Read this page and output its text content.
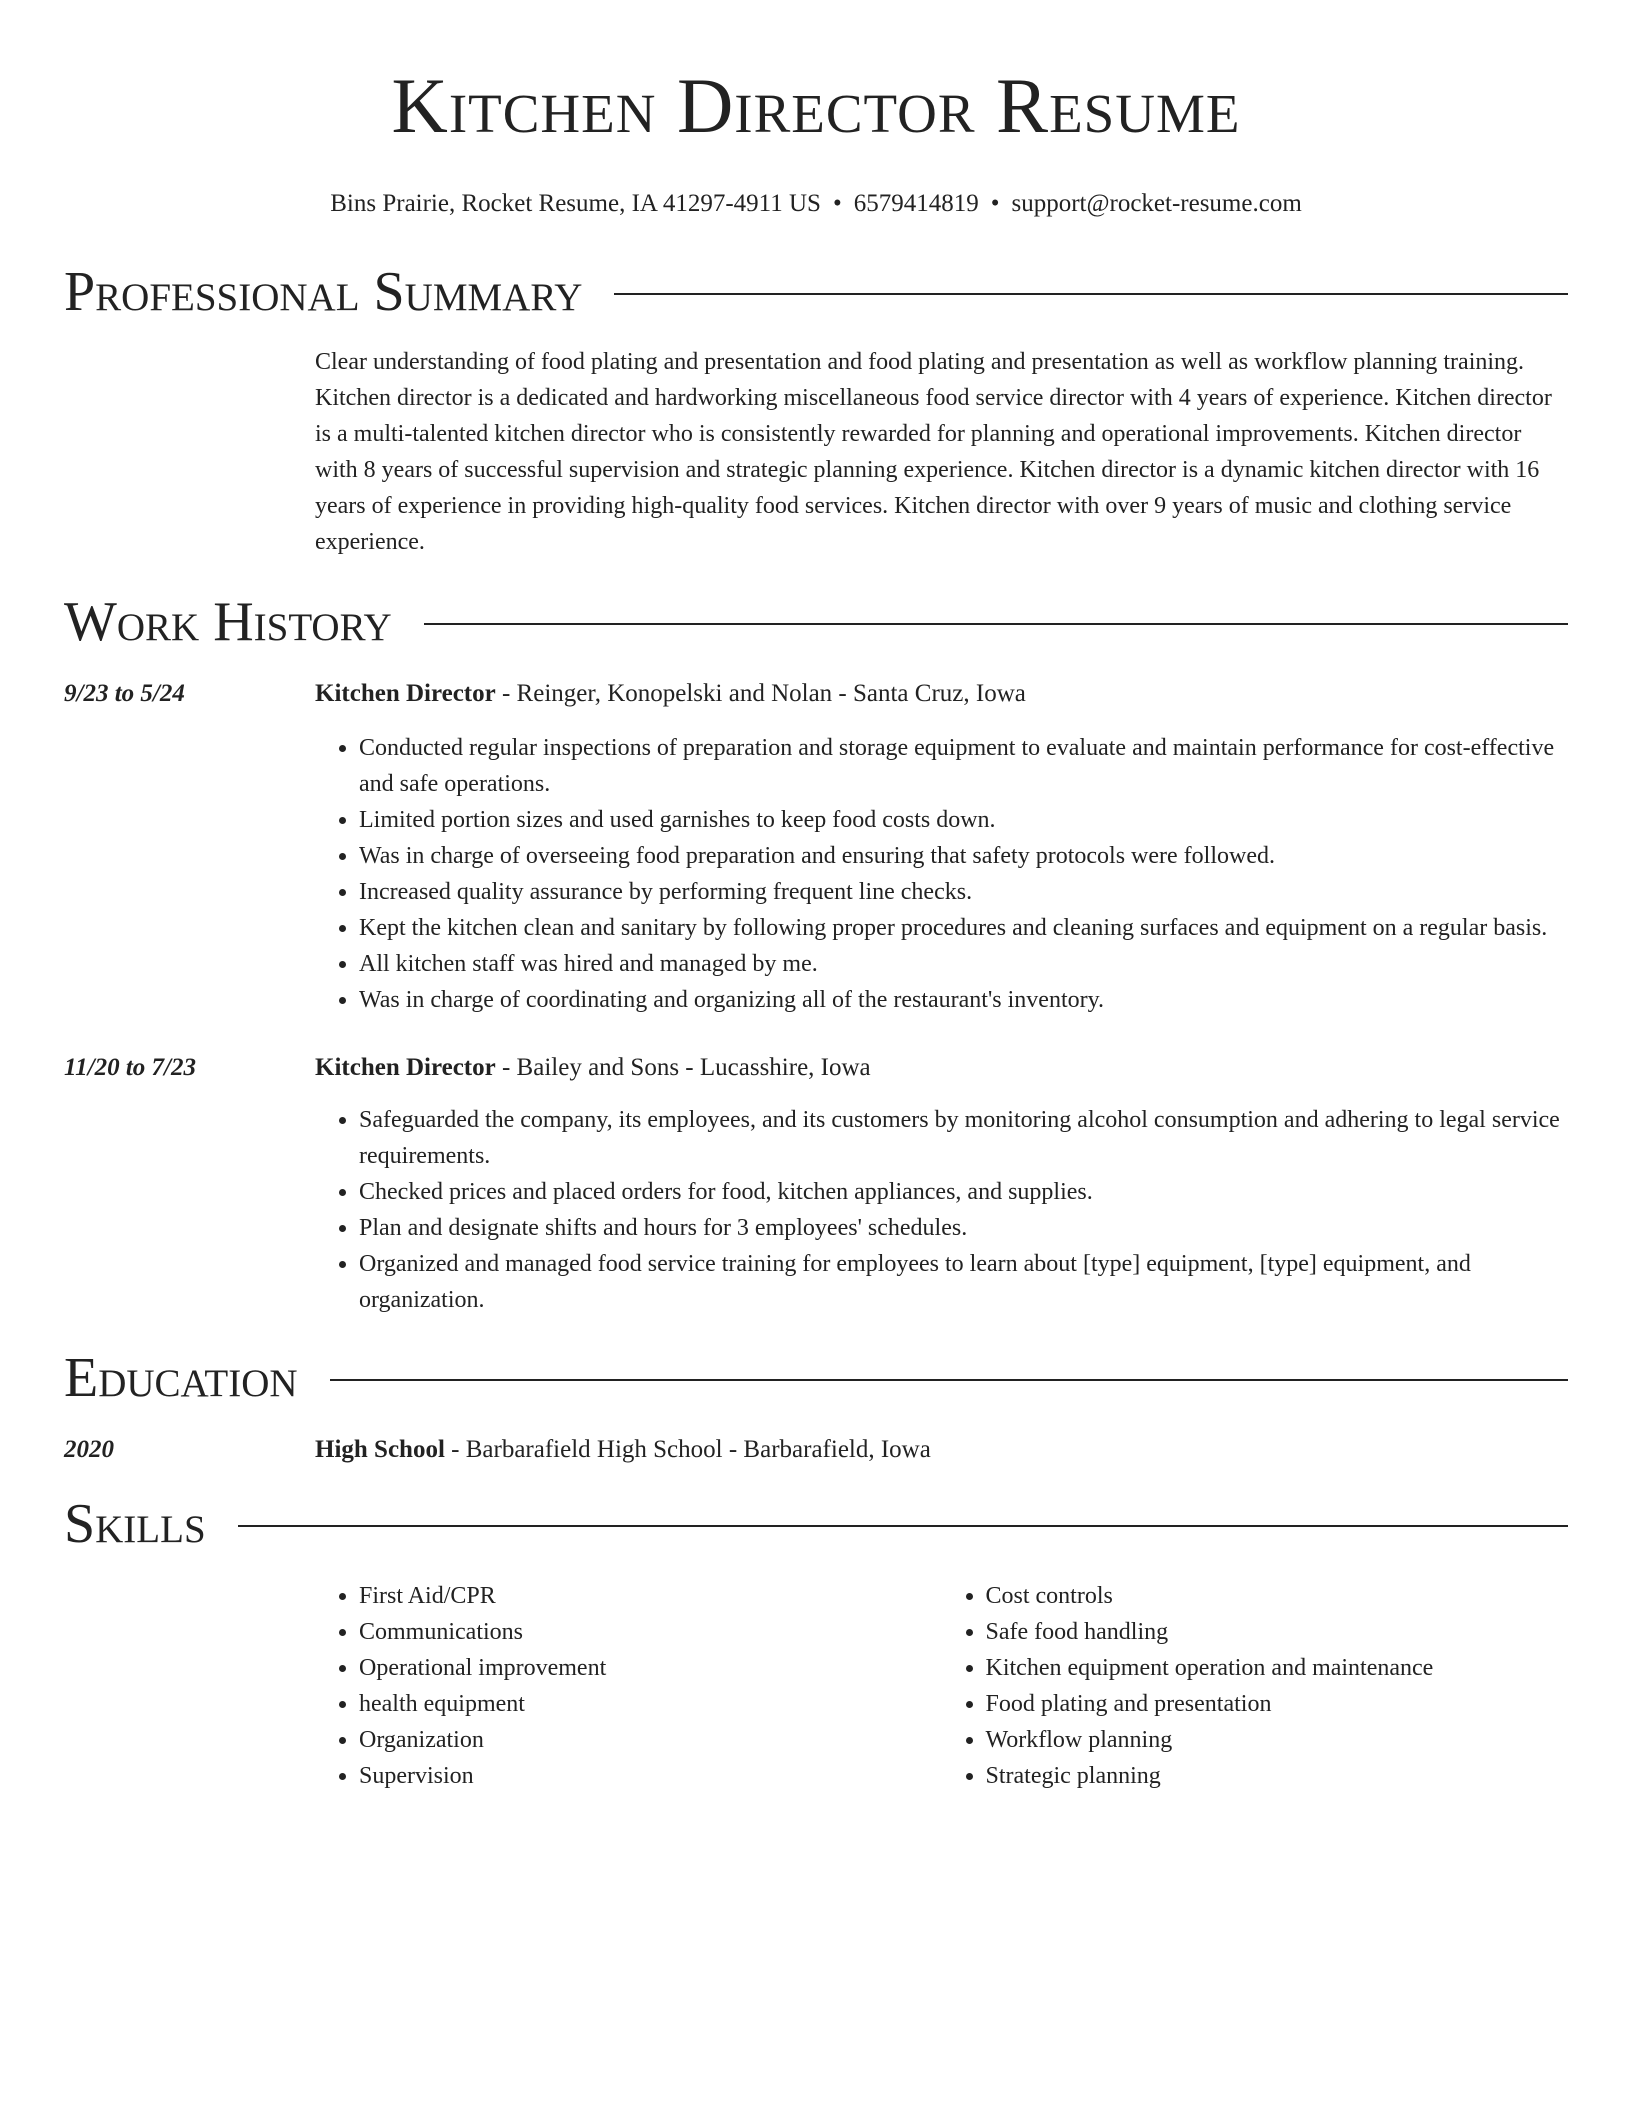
Kitchen Director Resume
Bins Prairie, Rocket Resume, IA 41297-4911 US • 6579414819 • support@rocket-resume.com
Professional Summary

Clear understanding of food plating and presentation and food plating and presentation as well as workflow planning training. Kitchen director is a dedicated and hardworking miscellaneous food service director with 4 years of experience. Kitchen director is a multi-talented kitchen director who is consistently rewarded for planning and operational improvements. Kitchen director with 8 years of successful supervision and strategic planning experience. Kitchen director is a dynamic kitchen director with 16 years of experience in providing high-quality food services. Kitchen director with over 9 years of music and clothing service experience.

Work History
9/23 to 5/24	Kitchen Director - Reinger, Konopelski and Nolan - Santa Cruz, Iowa
• Conducted regular inspections of preparation and storage equipment to evaluate and maintain performance for cost-effective and safe operations.
• Limited portion sizes and used garnishes to keep food costs down.
• Was in charge of overseeing food preparation and ensuring that safety protocols were followed.
• Increased quality assurance by performing frequent line checks.
• Kept the kitchen clean and sanitary by following proper procedures and cleaning surfaces and equipment on a regular basis.
• All kitchen staff was hired and managed by me.
• Was in charge of coordinating and organizing all of the restaurant's inventory.
11/20 to 7/23	Kitchen Director - Bailey and Sons - Lucasshire, Iowa
• Safeguarded the company, its employees, and its customers by monitoring alcohol consumption and adhering to legal service requirements.
• Checked prices and placed orders for food, kitchen appliances, and supplies.
• Plan and designate shifts and hours for 3 employees' schedules.
• Organized and managed food service training for employees to learn about [type] equipment, [type] equipment, and organization.
Education
2020	High School - Barbarafield High School - Barbarafield, Iowa
Skills
• First Aid/CPR
• Communications
• Operational improvement
• health equipment
• Organization
• Supervision
• Cost controls
• Safe food handling
• Kitchen equipment operation and maintenance
• Food plating and presentation
• Workflow planning
• Strategic planning
